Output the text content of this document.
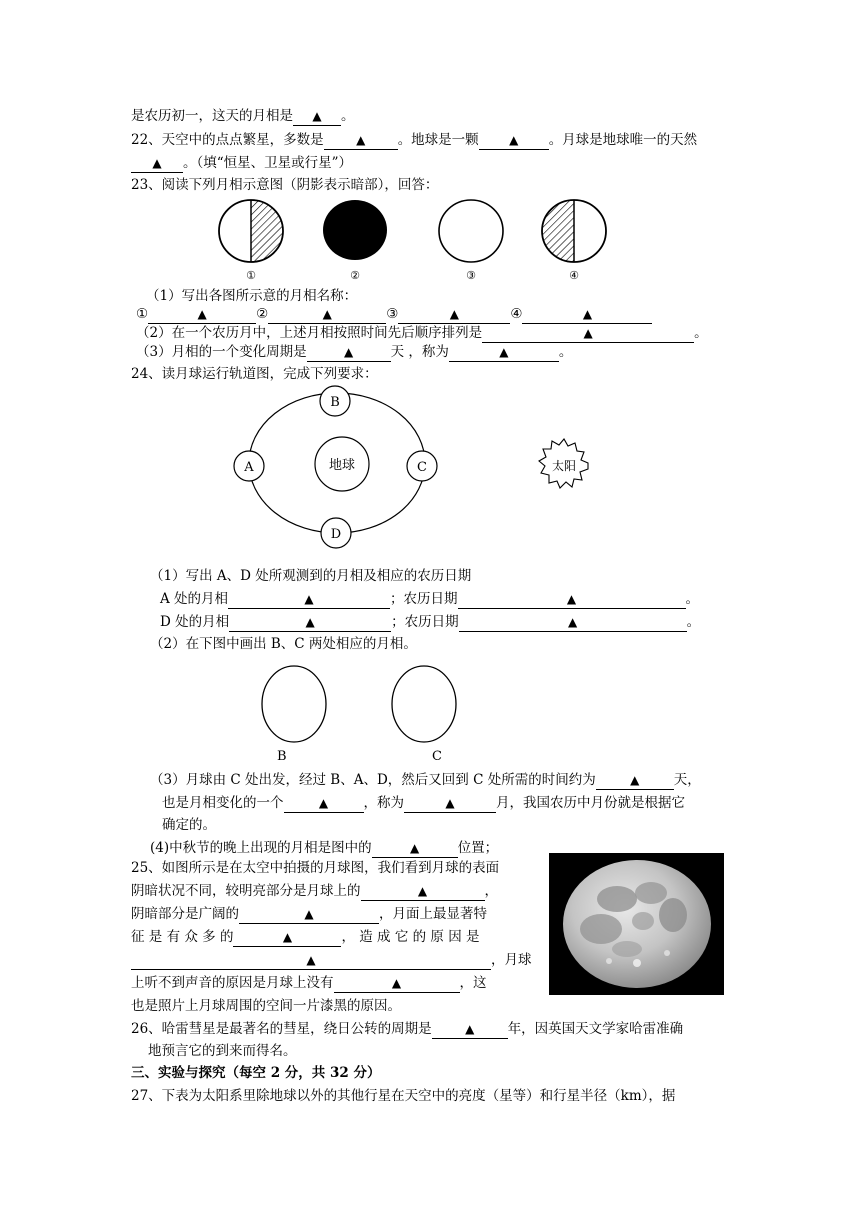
是农历初一，这天的月相是 ▲ 。
22、天空中的点点繁星，多数是	▲ 。地球是一颗	▲ 。月球是地球唯一的天然
▲ 。（填“恒星、卫星或行星”）
23、阅读下列月相示意图（阴影表示暗部），回答：
①	②	③	④
（1）写出各图所示意的月相名称：
①	▲	②	▲	③	▲	④	▲
（2）在一个农历月中，上述月相按照时间先后顺序排列是	▲	。
（3）月相的一个变化周期是	▲	天 ，称为	▲	。
24、读月球运行轨道图，完成下列要求：
地球
B
A	C
D
太阳
（1）写出 A、D 处所观测到的月相及相应的农历日期
A 处的月相	▲	；农历日期	▲	。
D 处的月相	▲	；农历日期	▲	。
（2）在下图中画出 B、C 两处相应的月相。
B	C
（3）月球由 C 处出发，经过 B、A、D，然后又回到 C 处所需的时间约为	▲	天，
也是月相变化的一个	▲	，称为	▲	月，我国农历中月份就是根据它
确定的。
(4)中秋节的晚上出现的月相是图中的	▲	位置；
25、如图所示是在太空中拍摄的月球图，我们看到月球的表面
阴暗状况不同，较明亮部分是月球上的	▲	，
阴暗部分是广阔的	▲	，月面上最显著特
征 是 有 众 多 的	▲	， 造 成 它 的 原 因 是
▲	，月球
上听不到声音的原因是月球上没有	▲	，这
也是照片上月球周围的空间一片漆黑的原因。
26、哈雷彗星是最著名的彗星，绕日公转的周期是	▲ 年，因英国天文学家哈雷准确
地预言它的到来而得名。
三、实验与探究（每空 2 分，共 32 分）
27、下表为太阳系里除地球以外的其他行星在天空中的亮度（星等）和行星半径（km），据
